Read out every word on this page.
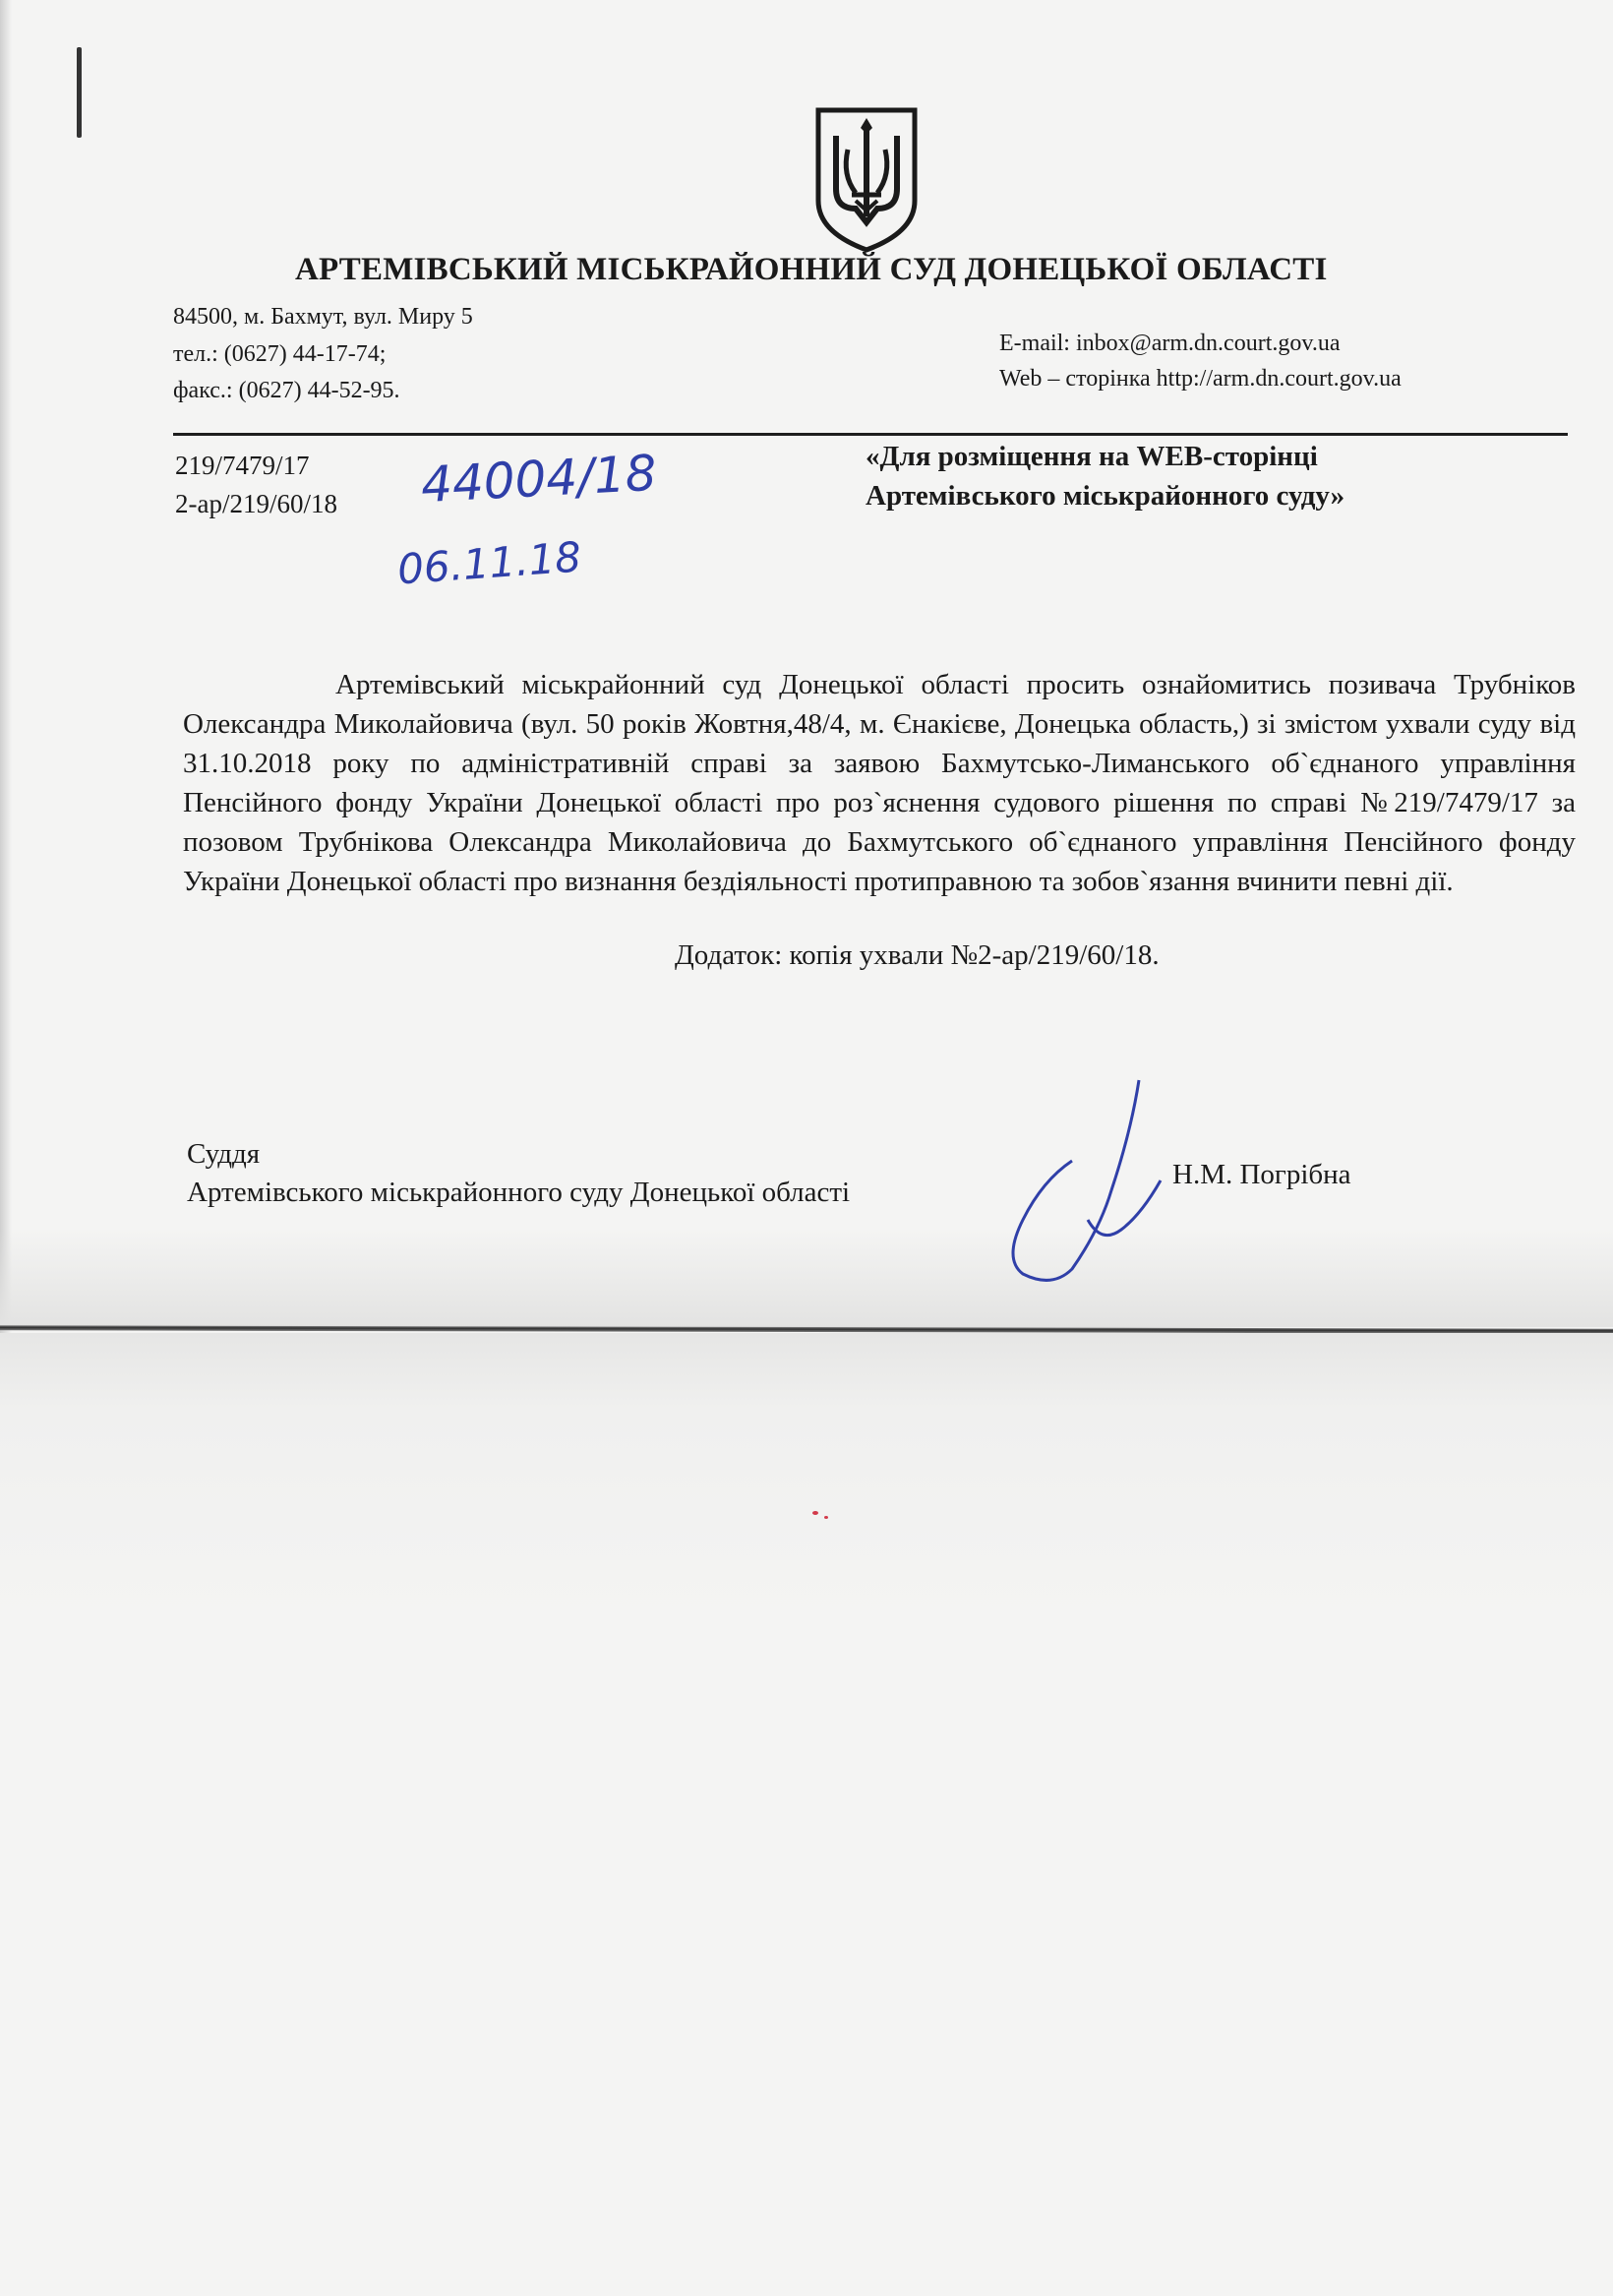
АРТЕМІВСЬКИЙ МІСЬКРАЙОННИЙ СУД ДОНЕЦЬКОЇ ОБЛАСТІ
84500, м. Бахмут, вул. Миру 5
тел.: (0627) 44-17-74;
факс.: (0627) 44-52-95.
E-mail: inbox@arm.dn.court.gov.ua
Web – сторінка http://arm.dn.court.gov.ua
219/7479/17
2-ар/219/60/18 44004/18
06.11.18
«Для розміщення на WEB-сторінці
Артемівського міськрайонного суду»
Артемівський міськрайонний суд Донецької області просить ознайомитись позивача Трубніков Олександра Миколайовича (вул. 50 років Жовтня,48/4, м. Єнакієве, Донецька область,) зі змістом ухвали суду від 31.10.2018 року по адміністративній справі за заявою Бахмутсько-Лиманського об`єднаного управління Пенсійного фонду України Донецької області про роз`яснення судового рішення по справі №219/7479/17 за позовом Трубнікова Олександра Миколайовича до Бахмутського об`єднаного управління Пенсійного фонду України Донецької області про визнання бездіяльності протиправною та зобов`язання вчинити певні дії.
Додаток: копія ухвали №2-ар/219/60/18.
Суддя
Артемівського міськрайонного суду Донецької області
Н.М. Погрібна
